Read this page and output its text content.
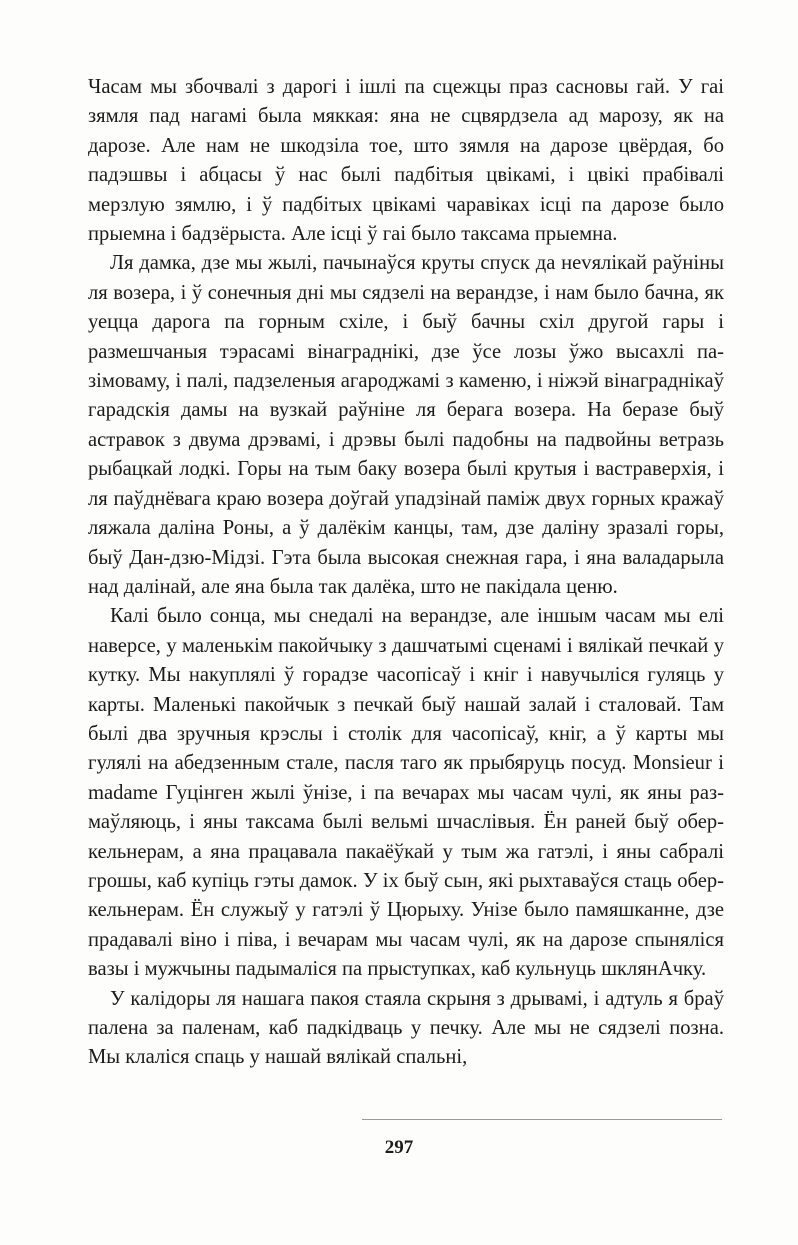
Часам мы збочвалі з дарогі і ішлі па сцежцы праз сасновы гай. У гаі зямля пад нагамі была мяккая: яна не сцвярдзела ад марозу, як на дарозе. Але нам не шкодзіла тое, што зямля на дарозе цвёрдая, бо падэшвы і абцасы ў нас былі падбітыя цвікамі, і цвікі прабівалі мерзлую зямлю, і ў падбітых цвікамі чаравіках ісці па дарозе было прыемна і бадзёрыста. Але ісці ў гаі было таксама прыемна.

Ля дамка, дзе мы жылі, пачынаўся круты спуск да неvялікай раўніны ля возера, і ў сонечныя дні мы сядзелі на верандзе, і нам было бачна, як уецца дарога па горным схіле, і быў бачны схіл другой гары і размешчаныя тэрасамі вінаграднікі, дзе ўсе лозы ўжо высахлі па-зімоваму, і палі, падзеленыя агароджамі з каменю, і ніжэй вінаграднікаў гарадскія дамы на вузкай раўніне ля берага возера. На беразе быў астравок з двума дрэвамі, і дрэвы былі падобны на падвойны ветразь рыбацкай лодкі. Горы на тым баку возера былі крутыя і вастраверхія, і ля паўднёвага краю возера доўгай упадзінай паміж двух горных кражаў ляжала даліна Роны, а ў далёкім канцы, там, дзе даліну зразалі горы, быў Дан-дзю-Мідзі. Гэта была высокая снежная гара, і яна валадарыла над далінай, але яна была так далёка, што не пакідала ценю.

Калі было сонца, мы снедалі на верандзе, але іншым часам мы елі наверсе, у маленькім пакойчыку з дашчатымі сценамі і вялікай печкай у кутку. Мы накуплялі ў горадзе часопісаў і кніг і навучыліся гуляць у карты. Маленькі пакойчык з печкай быў нашай залай і сталовай. Там былі два зручныя крэслы і столік для часопісаў, кніг, а ў карты мы гулялі на абедзенным стале, пасля таго як прыбяруць посуд. Monsieur і madame Гуцінген жылі ўнізе, і па вечарах мы часам чулі, як яны размаўляюць, і яны таксама былі вельмі шчаслівыя. Ён раней быў обер-кельнерам, а яна працавала пакаёўкай у тым жа гатэлі, і яны сабралі грошы, каб купіць гэты дамок. У іх быў сын, які рыхтаваўся стаць обер-кельнерам. Ён служыў у гатэлі ў Цюрыху. Унізе было памяшканне, дзе прадавалі віно і піва, і вечарам мы часам чулі, як на дарозе спыняліся вазы і мужчыны падымаліся па прыступках, каб кульнуць шклянАчку.

У калідоры ля нашага пакоя стаяла скрыня з дрывамі, і адтуль я браў палена за паленам, каб падкідваць у печку. Але мы не сядзелі позна. Мы клаліся спаць у нашай вялікай спальні,

297
